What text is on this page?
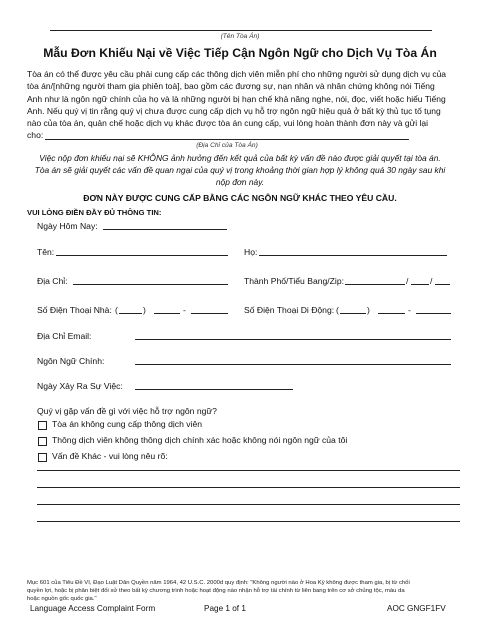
(Tên Tòa Án)
Mẫu Đơn Khiếu Nại về Việc Tiếp Cận Ngôn Ngữ cho Dịch Vụ Tòa Án
Tòa án có thể được yêu cầu phải cung cấp các thông dịch viên miễn phí cho những người sử dụng dịch vụ của
tòa án/[những người tham gia phiên toà], bao gồm các đương sự, nạn nhân và nhân chứng không nói Tiếng
Anh như là ngôn ngữ chính của họ và là những người bị hạn chế khả năng nghe, nói, đọc, viết hoặc hiểu Tiếng
Anh. Nếu quý vị tin rằng quý vị chưa được cung cấp dịch vụ hỗ trợ ngôn ngữ hiệu quả ở bất kỳ thủ tục tố tụng
nào của tòa án, quản chế hoặc dịch vụ khác được tòa án cung cấp, vui lòng hoàn thành đơn này và gửi lại
cho:
(Địa Chỉ của Tòa Án)
Việc nộp đơn khiếu nại sẽ KHÔNG ảnh hưởng đến kết quả của bất kỳ vấn đề nào được giải quyết tại tòa án.
Tòa án sẽ giải quyết các vấn đề quan ngại của quý vị trong khoảng thời gian hợp lý không quá 30 ngày sau khi
nộp đơn này.
ĐƠN NÀY ĐƯỢC CUNG CẤP BẰNG CÁC NGÔN NGỮ KHÁC THEO YÊU CẦU.
VUI LÒNG ĐIỀN ĐẦY ĐỦ THÔNG TIN:
Ngày Hôm Nay:
Tên:	Họ:
Địa Chỉ:	Thành Phố/Tiểu Bang/Zip:	/	/
Số Điện Thoại Nhà: (	)	-	Số Điện Thoại Di Động: (	)	-
Địa Chỉ Email:
Ngôn Ngữ Chính:
Ngày Xảy Ra Sự Việc:
Quý vị gặp vấn đề gì với việc hỗ trợ ngôn ngữ?
Tòa án không cung cấp thông dịch viên
Thông dịch viên không thông dịch chính xác hoặc không nói ngôn ngữ của tôi
Vấn đề Khác - vui lòng nêu rõ:
Mục 601 của Tiêu Đề VI, Đạo Luật Dân Quyền năm 1964, 42 U.S.C. 2000d quy định: "Không người nào ở Hoa Kỳ không được tham gia, bị từ chối
quyền lợi, hoặc bị phân biệt đối xử theo bất kỳ chương trình hoặc hoạt động nào nhận hỗ trợ tài chính từ liên bang trên cơ sở chủng tộc, màu da
hoặc nguồn gốc quốc gia."
Language Access Complaint Form	Page 1 of 1	AOC GNGF1FV
